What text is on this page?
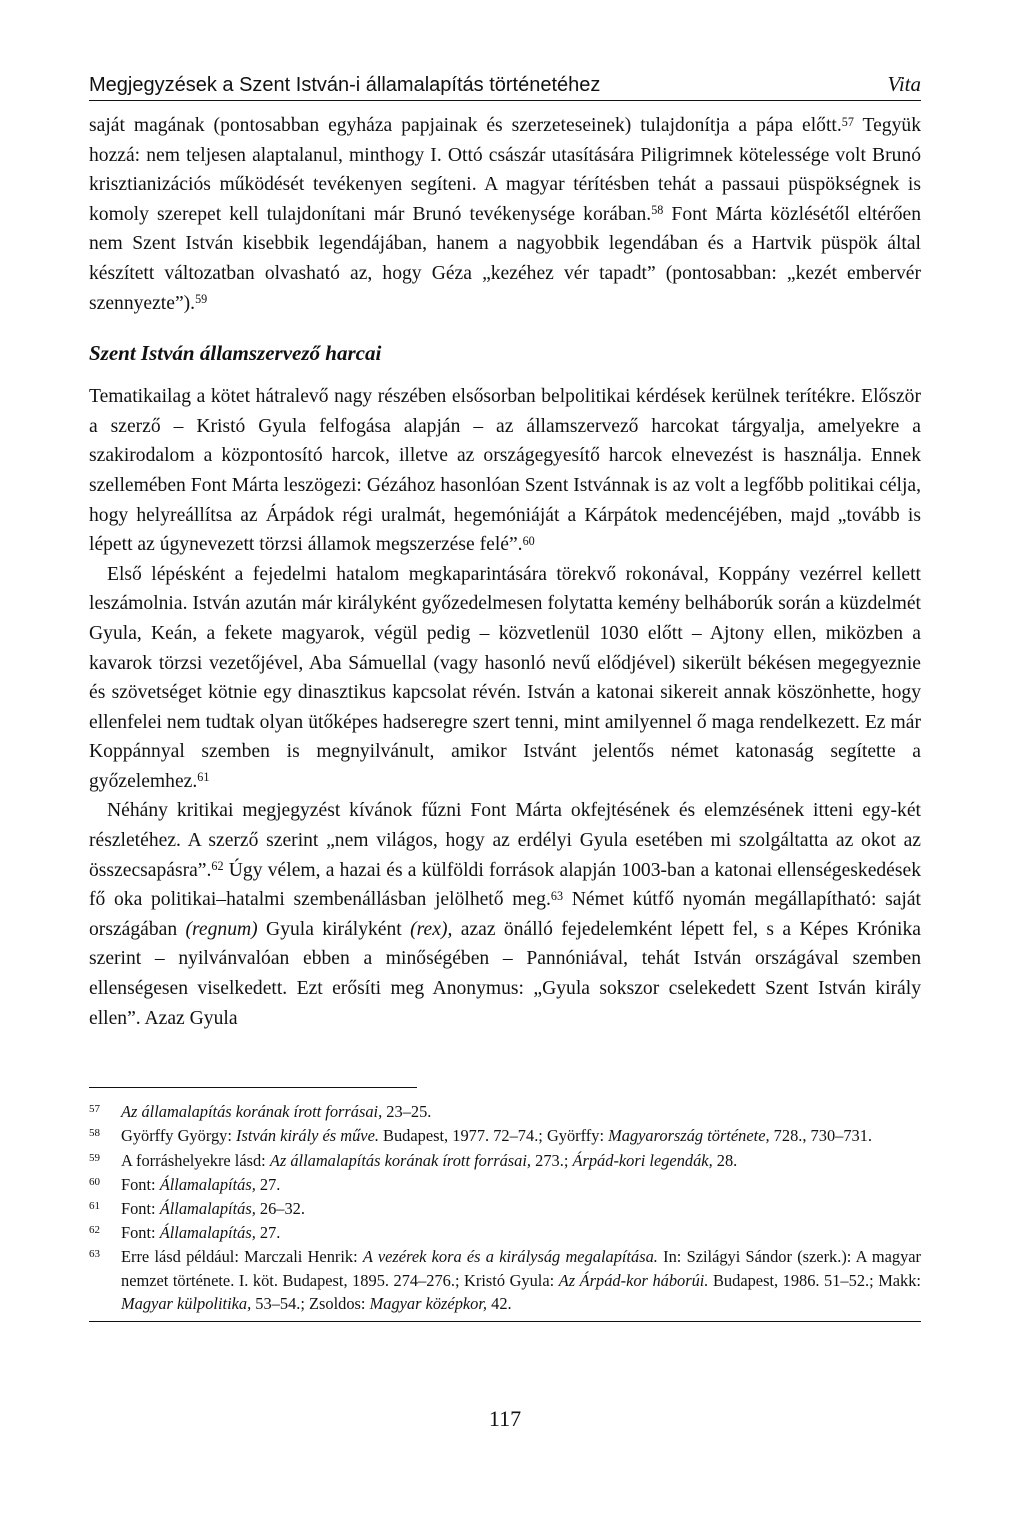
Megjegyzések a Szent István-i államalapítás történetéhez	Vita

saját magának (pontosabban egyháza papjainak és szerzeteseinek) tulajdonítja a pápa előtt.$^{57}$ Tegyük hozzá: nem teljesen alaptalanul, minthogy I. Ottó császár utasítására Piligrimnek kötelessége volt Brunó krisztianizációs működését tevékenyen segíteni. A magyar térítésben tehát a passaui püspökségnek is komoly szerepet kell tulajdonítani már Brunó tevékenysége korában.$^{58}$ Font Márta közlésétől eltérően nem Szent István kisebbik legendájában, hanem a nagyobbik legendában és a Hartvik püspök által készített változatban olvasható az, hogy Géza „kezéhez vér tapadt” (pontosabban: „kezét embervér szennyezte”).$^{59}$

Szent István államszervező harcai

Tematikailag a kötet hátralevő nagy részében elsősorban belpolitikai kérdések kerülnek terítékre. Először a szerző – Kristó Gyula felfogása alapján – az államszervező harcokat tárgyalja, amelyekre a szakirodalom a központosító harcok, illetve az országegyesítő harcok elnevezést is használja. Ennek szellemében Font Márta leszögezi: Gézához hasonlóan Szent Istvánnak is az volt a legfőbb politikai célja, hogy helyreállítsa az Árpádok régi uralmát, hegemóniáját a Kárpátok medencéjében, majd „tovább is lépett az úgynevezett törzsi államok megszerzése felé”.$^{60}$

Első lépésként a fejedelmi hatalom megkaparintására törekvő rokonával, Koppány vezérrel kellett leszámolnia. István azután már királyként győzedelmesen folytatta kemény belháborúk során a küzdelmét Gyula, Keán, a fekete magyarok, végül pedig – közvetlenül 1030 előtt – Ajtony ellen, miközben a kavarok törzsi vezetőjével, Aba Sámuellal (vagy hasonló nevű elődjével) sikerült békésen megegyeznie és szövetséget kötnie egy dinasztikus kapcsolat révén. István a katonai sikereit annak köszönhette, hogy ellenfelei nem tudtak olyan ütőképes hadseregre szert tenni, mint amilyennel ő maga rendelkezett. Ez már Koppánnyal szemben is megnyilvánult, amikor Istvánt jelentős német katonaság segítette a győzelemhez.$^{61}$

Néhány kritikai megjegyzést kívánok fűzni Font Márta okfejtésének és elemzésének itteni egy-két részletéhez. A szerző szerint „nem világos, hogy az erdélyi Gyula esetében mi szolgáltatta az okot az összecsapásra”.$^{62}$ Úgy vélem, a hazai és a külföldi források alapján 1003-ban a katonai ellenségeskedések fő oka politikai–hatalmi szembenállásban jelölhető meg.$^{63}$ Német kútfő nyomán megállapítható: saját országában (regnum) Gyula királyként (rex), azaz önálló fejedelemként lépett fel, s a Képes Krónika szerint – nyilvánvalóan ebben a minőségében – Pannóniával, tehát István országával szemben ellenségesen viselkedett. Ezt erősíti meg Anonymus: „Gyula sokszor cselekedett Szent István király ellen”. Azaz Gyula

57	Az államalapítás korának írott forrásai, 23–25.
58	Györffy György: István király és műve. Budapest, 1977. 72–74.; Györffy: Magyarország története, 728., 730–731.
59	A forráshelyekre lásd: Az államalapítás korának írott forrásai, 273.; Árpád-kori legendák, 28.
60	Font: Államalapítás, 27.
61	Font: Államalapítás, 26–32.
62	Font: Államalapítás, 27.
63	Erre lásd például: Marczali Henrik: A vezérek kora és a királyság megalapítása. In: Szilágyi Sándor (szerk.): A magyar nemzet története. I. köt. Budapest, 1895. 274–276.; Kristó Gyula: Az Árpád-kor háborúi. Budapest, 1986. 51–52.; Makk: Magyar külpolitika, 53–54.; Zsoldos: Magyar középkor, 42.
117
